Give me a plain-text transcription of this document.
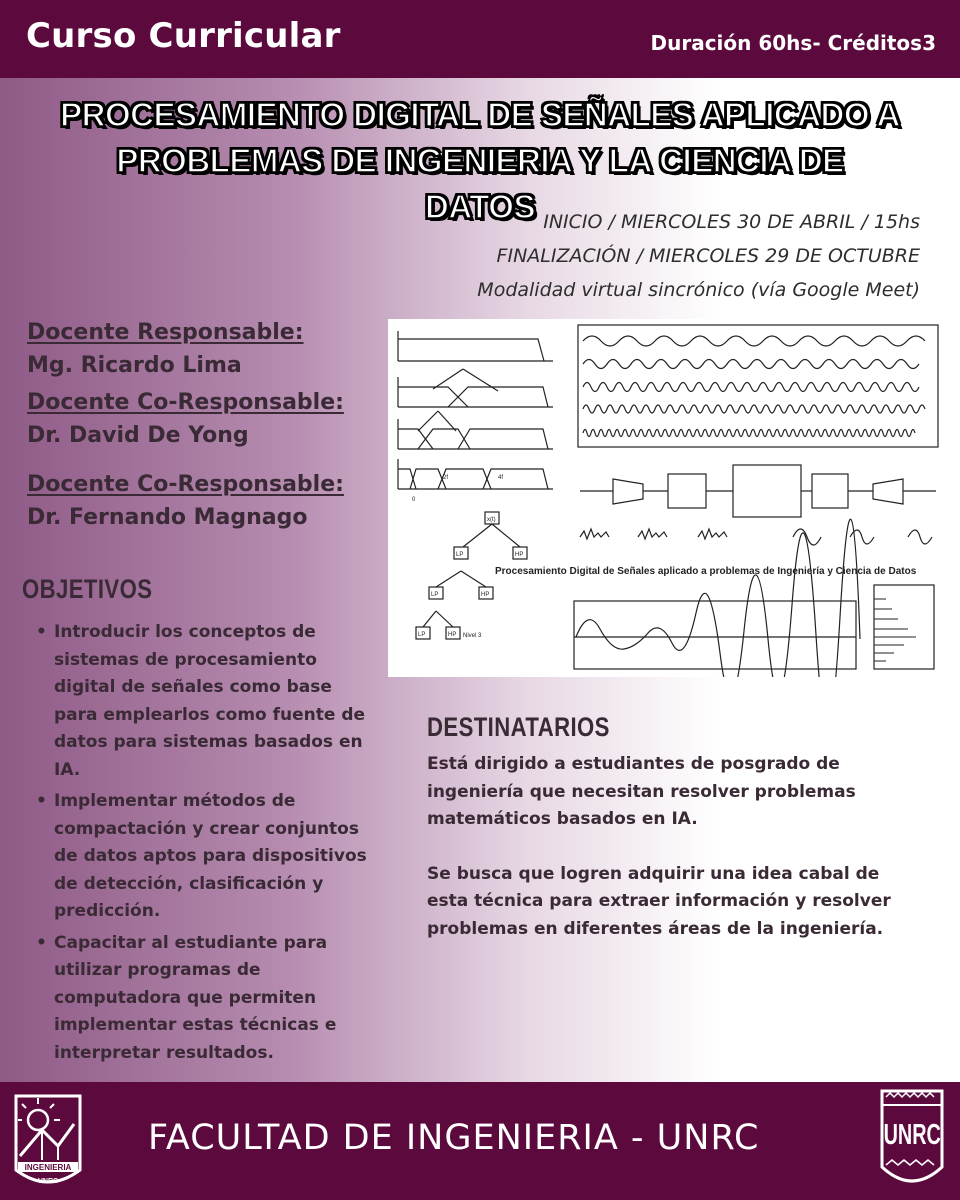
Curso Curricular	Duración 60hs- Créditos3
PROCESAMIENTO DIGITAL DE SEÑALES APLICADO A
PROBLEMAS DE INGENIERIA Y LA CIENCIA DE DATOS INICIO / MIERCOLES 30 DE ABRIL / 15hs
FINALIZACIÓN / MIERCOLES 29 DE OCTUBRE
Modalidad virtual sincrónico (vía Google Meet)
Docente Responsable:
Mg. Ricardo Lima
Docente Co-Responsable:
Dr. David De Yong
Docente Co-Responsable:
Dr. Fernando Magnago
OBJETIVOS
• Introducir los conceptos de sistemas de procesamiento digital de señales como base para emplearlos como fuente de datos para sistemas basados en IA.
• Implementar métodos de compactación y crear conjuntos de datos aptos para dispositivos de detección, clasificación y predicción.
• Capacitar al estudiante para utilizar programas de computadora que permiten implementar estas técnicas e interpretar resultados.
x(t)
LP	HP
LP	HP
LP	HP Nivel 3
0
2f	4f
Procesamiento Digital de Señales aplicado a problemas de Ingeniería y Ciencia de Datos
DESTINATARIOS

Está dirigido a estudiantes de posgrado de ingeniería que necesitan resolver problemas matemáticos basados en IA.

Se busca que logren adquirir una idea cabal de esta técnica para extraer información y resolver problemas en diferentes áreas de la ingeniería.

INGENIERIA
UNRC
FACULTAD DE INGENIERIA - UNRC	UNRC
